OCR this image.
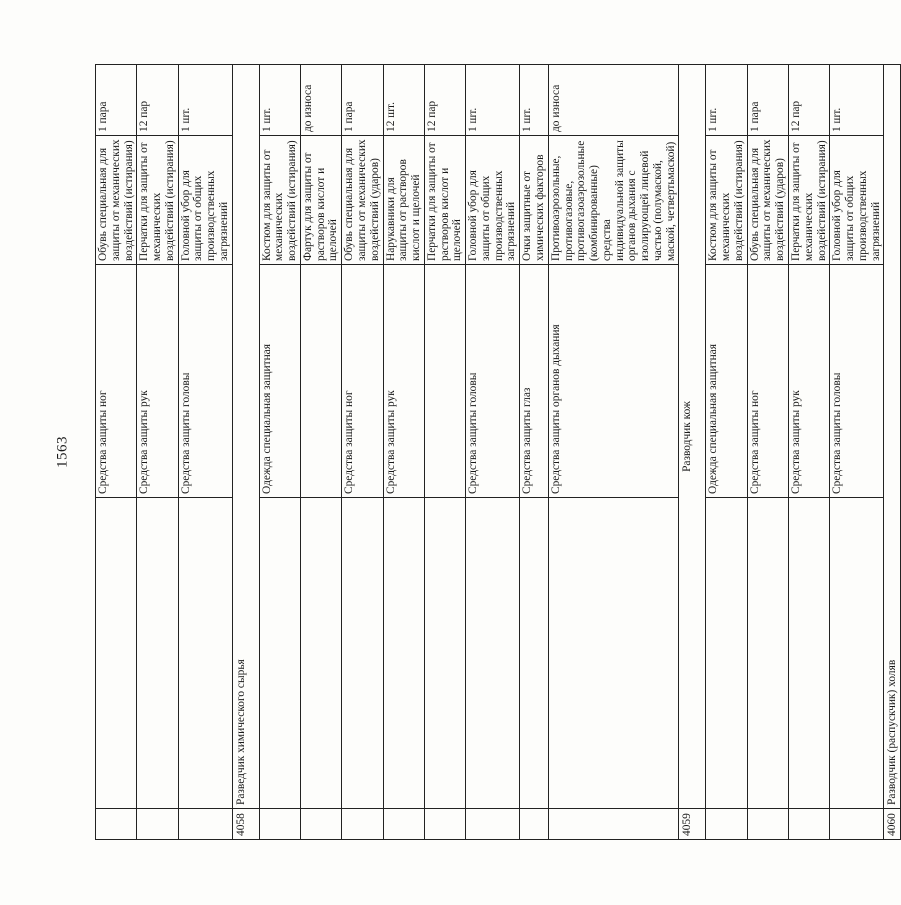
1563
		Средства защиты ног	Обувь специальная для защиты от механических воздействий (истирания)	1 пара
		Средства защиты рук	Перчатки для защиты от механических воздействий (истирания)	12 пар
		Средства защиты головы	Головной убор для защиты от общих производственных загрязнений	1 шт.
4058	Разведчик химического сырья			
		Одежда специальная защитная	Костюм для защиты от механических воздействий (истирания)	1 шт.
			Фартук для защиты от растворов кислот и щелочей	до износа
		Средства защиты ног	Обувь специальная для защиты от механических воздействий (ударов)	1 пара
		Средства защиты рук	Нарукавники для защиты от растворов кислот и щелочей	12 шт.
			Перчатки для защиты от растворов кислот и щелочей	12 пар
		Средства защиты головы	Головной убор для защиты от общих производственных загрязнений	1 шт.
		Средства защиты глаз	Очки защитные от химических факторов	1 шт.
		Средства защиты органов дыхания	Противоаэрозольные, противогазовые, противогазоаэрозольные (комбинированные) средства индивидуальной защиты органов дыхания с изолирующей лицевой частью (полумаской, маской, четвертьмаской)	до износа
4059	Разводчик кож			
		Одежда специальная защитная	Костюм для защиты от механических воздействий (истирания)	1 шт.
		Средства защиты ног	Обувь специальная для защиты от механических воздействий (ударов)	1 пара
		Средства защиты рук	Перчатки для защиты от механических воздействий (истирания)	12 пар
		Средства защиты головы	Головной убор для защиты от общих производственных загрязнений	1 шт.
4060	Разводчик (распускчик) холяв			
